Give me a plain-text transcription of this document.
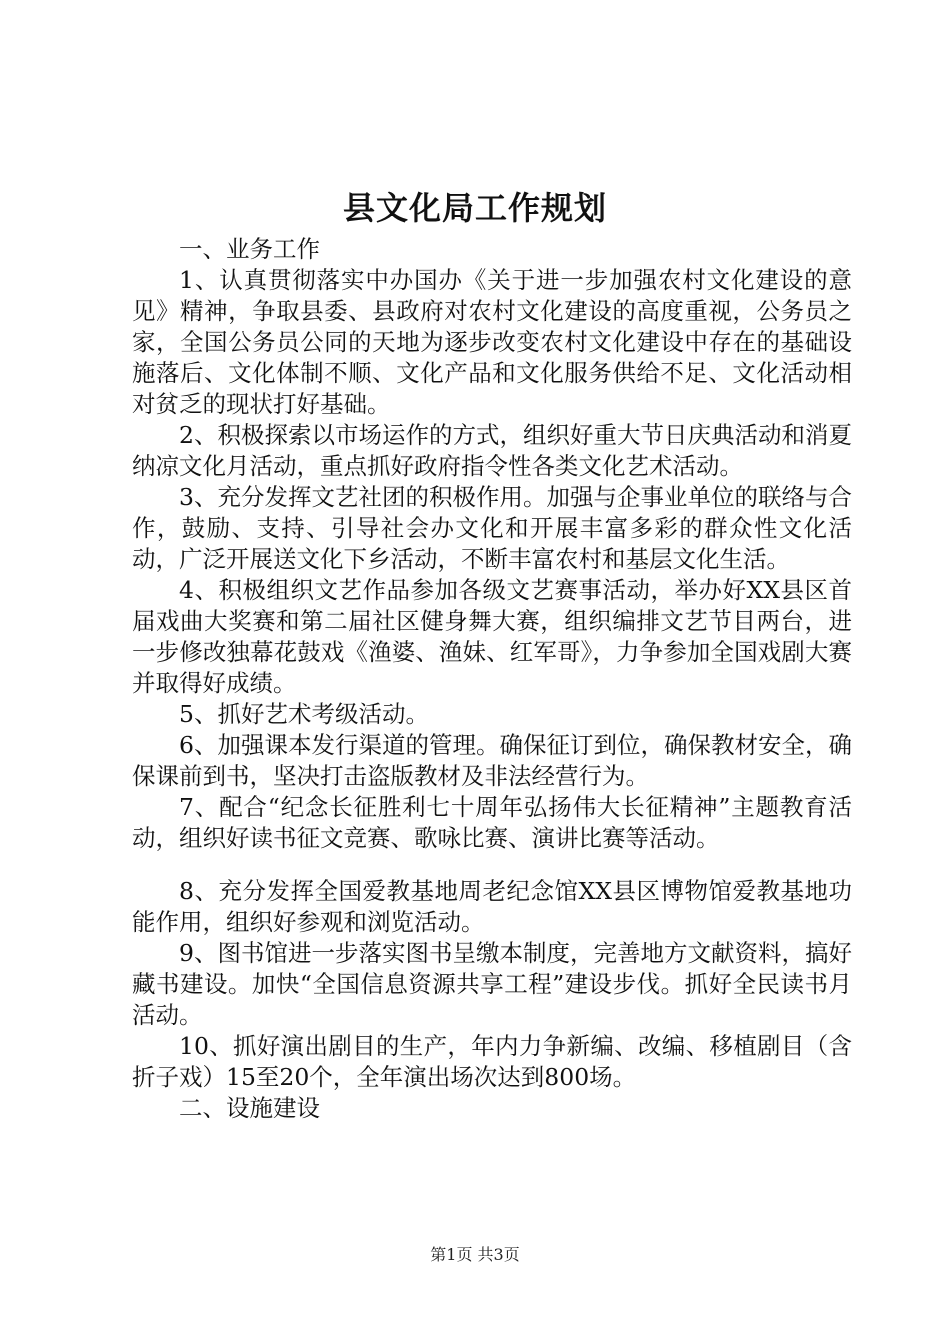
县文化局工作规划

一、业务工作

1、认真贯彻落实中办国办《关于进一步加强农村文化建设的意见》精神，争取县委、县政府对农村文化建设的高度重视，公务员之家，全国公务员公同的天地为逐步改变农村文化建设中存在的基础设施落后、文化体制不顺、文化产品和文化服务供给不足、文化活动相对贫乏的现状打好基础。

2、积极探索以市场运作的方式，组织好重大节日庆典活动和消夏纳凉文化月活动，重点抓好政府指令性各类文化艺术活动。

3、充分发挥文艺社团的积极作用。加强与企事业单位的联络与合作，鼓励、支持、引导社会办文化和开展丰富多彩的群众性文化活动，广泛开展送文化下乡活动，不断丰富农村和基层文化生活。

4、积极组织文艺作品参加各级文艺赛事活动，举办好XX县区首届戏曲大奖赛和第二届社区健身舞大赛，组织编排文艺节目两台，进一步修改独幕花鼓戏《渔婆、渔妹、红军哥》，力争参加全国戏剧大赛并取得好成绩。

5、抓好艺术考级活动。

6、加强课本发行渠道的管理。确保征订到位，确保教材安全，确保课前到书，坚决打击盗版教材及非法经营行为。

7、配合“纪念长征胜利七十周年弘扬伟大长征精神”主题教育活动，组织好读书征文竞赛、歌咏比赛、演讲比赛等活动。

8、充分发挥全国爱教基地周老纪念馆XX县区博物馆爱教基地功能作用，组织好参观和浏览活动。

9、图书馆进一步落实图书呈缴本制度，完善地方文献资料，搞好藏书建设。加快“全国信息资源共享工程”建设步伐。抓好全民读书月活动。

10、抓好演出剧目的生产，年内力争新编、改编、移植剧目（含折子戏）15至20个，全年演出场次达到800场。

二、设施建设

第1页 共3页
